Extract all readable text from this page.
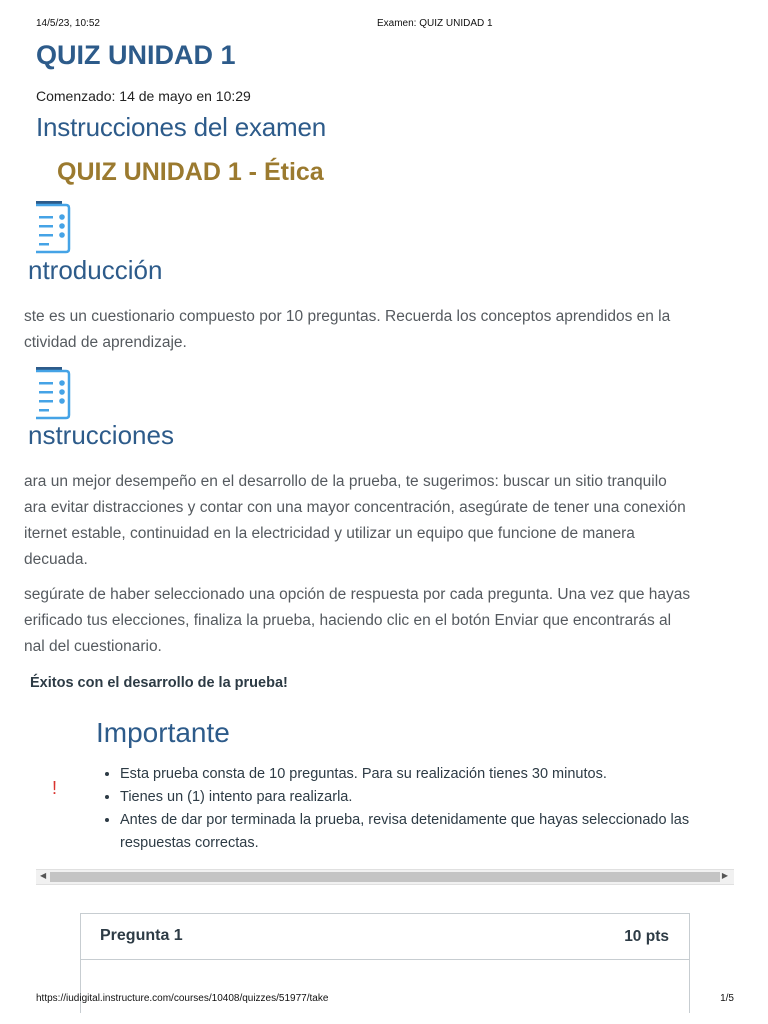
14/5/23, 10:52	Examen: QUIZ UNIDAD 1
QUIZ UNIDAD 1
Comenzado: 14 de mayo en 10:29
Instrucciones del examen
QUIZ UNIDAD 1 - Ética
ntroducción
ste es un cuestionario compuesto por 10 preguntas. Recuerda los conceptos aprendidos en la
ctividad de aprendizaje.
nstrucciones
ara un mejor desempeño en el desarrollo de la prueba, te sugerimos: buscar un sitio tranquilo
ara evitar distracciones y contar con una mayor concentración, asegúrate de tener una conexión
iternet estable, continuidad en la electricidad y utilizar un equipo que funcione de manera
decuada.
segúrate de haber seleccionado una opción de respuesta por cada pregunta. Una vez que hayas
erificado tus elecciones, finaliza la prueba, haciendo clic en el botón Enviar que encontrarás al
nal del cuestionario.

Éxitos con el desarrollo de la prueba!

Importante
!
• Esta prueba consta de 10 preguntas. Para su realización tienes 30 minutos.
• Tienes un (1) intento para realizarla.
• Antes de dar por terminada la prueba, revisa detenidamente que hayas seleccionado las respuestas correctas.
◀	▶
Pregunta 1	10 pts
https://iudigital.instructure.com/courses/10408/quizzes/51977/take	1/5
